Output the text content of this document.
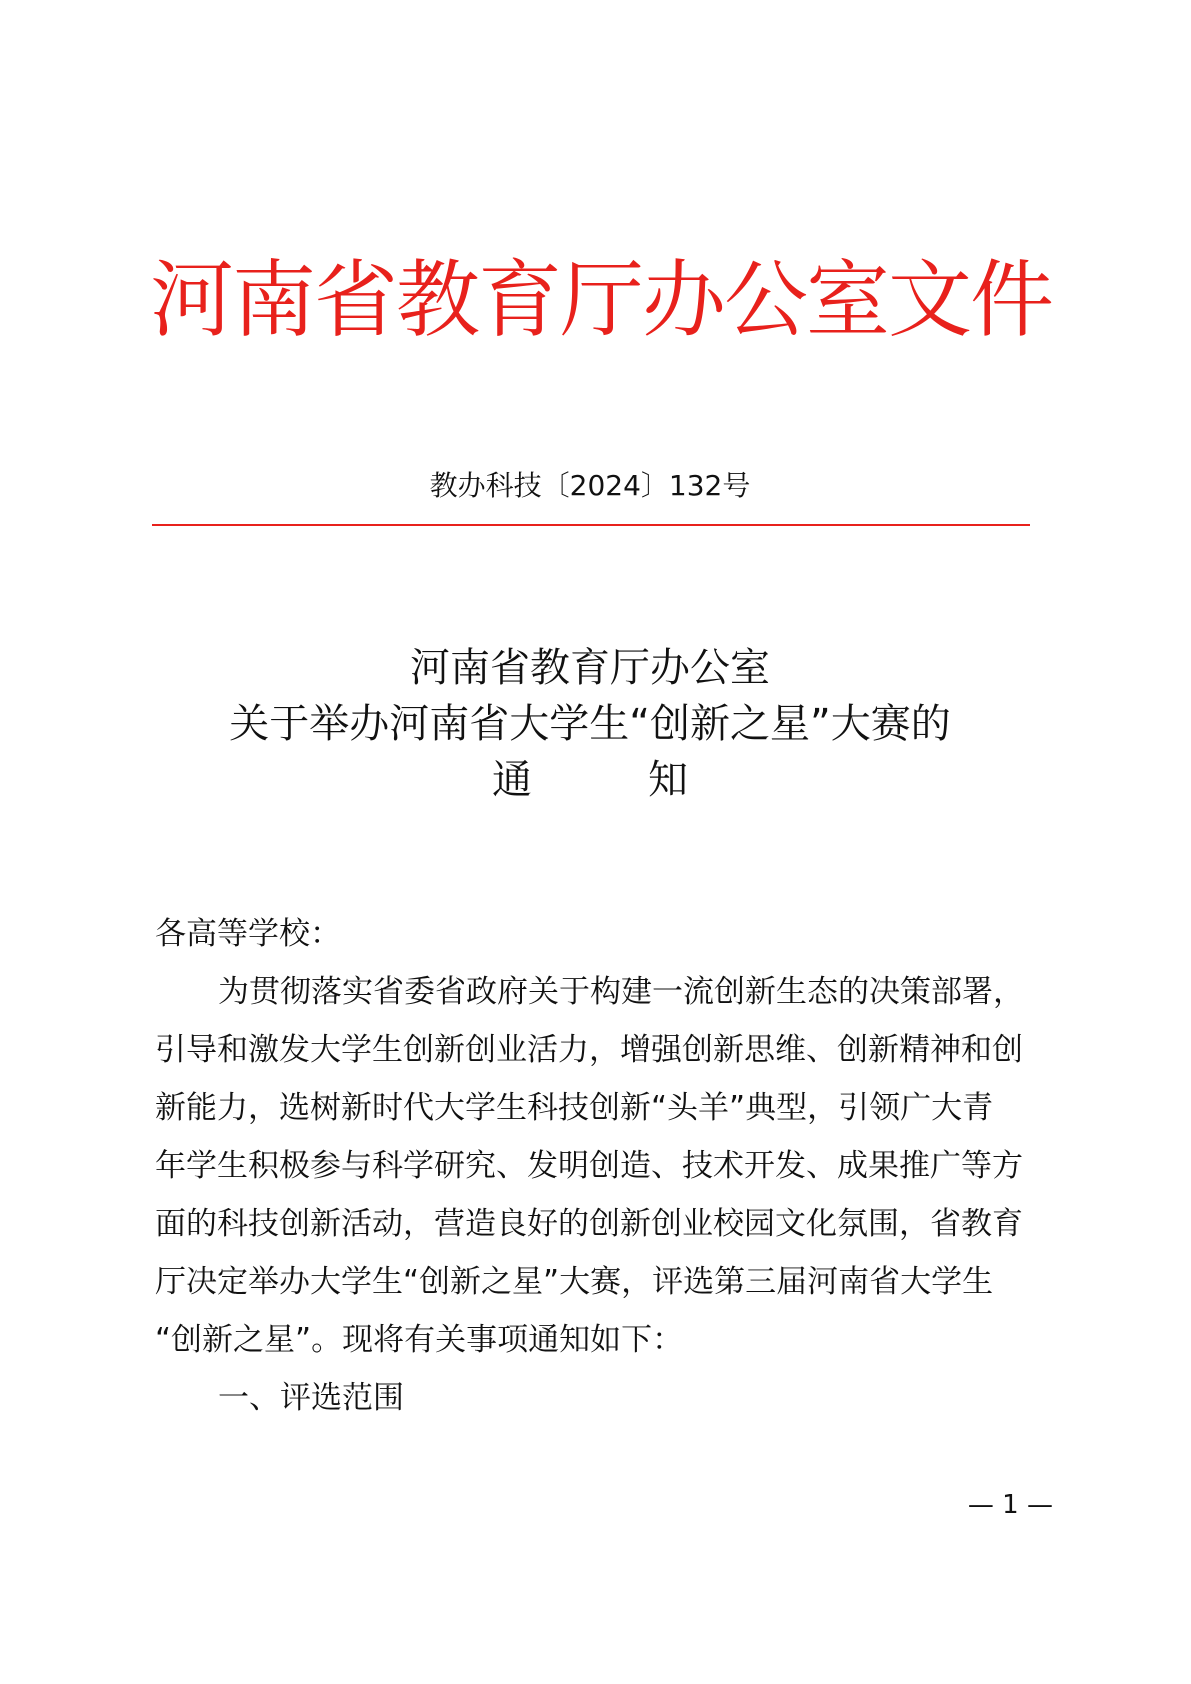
河南省教育厅办公室文件
教办科技〔2024〕132号
河南省教育厅办公室
关于举办河南省大学生“创新之星”大赛的
通	知
各高等学校：
为贯彻落实省委省政府关于构建一流创新生态的决策部署，
引导和激发大学生创新创业活力，增强创新思维、创新精神和创
新能力，选树新时代大学生科技创新“头羊”典型，引领广大青
年学生积极参与科学研究、发明创造、技术开发、成果推广等方
面的科技创新活动，营造良好的创新创业校园文化氛围，省教育
厅决定举办大学生“创新之星”大赛，评选第三届河南省大学生
“创新之星”。现将有关事项通知如下：
一、评选范围
— 1 —
